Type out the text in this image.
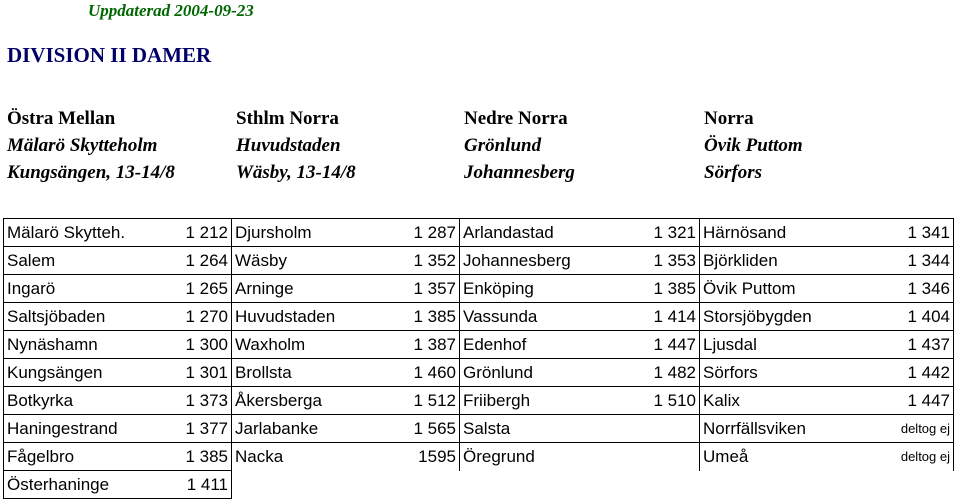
Uppdaterad 2004-09-23
DIVISION II DAMER
Östra Mellan
Mälarö Skytteholm
Kungsängen, 13-14/8
Sthlm Norra
Huvudstaden
Wäsby, 13-14/8
Nedre Norra
Grönlund
Johannesberg
Norra
Övik Puttom
Sörfors
Mälarö Skytteh.	1 212	Djursholm	1 287	Arlandastad	1 321	Härnösand	1 341
Salem	1 264	Wäsby	1 352	Johannesberg	1 353	Björkliden	1 344
Ingarö	1 265	Arninge	1 357	Enköping	1 385	Övik Puttom	1 346
Saltsjöbaden	1 270	Huvudstaden	1 385	Vassunda	1 414	Storsjöbygden	1 404
Nynäshamn	1 300	Waxholm	1 387	Edenhof	1 447	Ljusdal	1 437
Kungsängen	1 301	Brollsta	1 460	Grönlund	1 482	Sörfors	1 442
Botkyrka	1 373	Åkersberga	1 512	Friibergh	1 510	Kalix	1 447
Haningestrand	1 377	Jarlabanke	1 565	Salsta		Norrfällsviken	deltog ej
Fågelbro	1 385	Nacka	1595	Öregrund		Umeå	deltog ej
Österhaninge	1 411						
